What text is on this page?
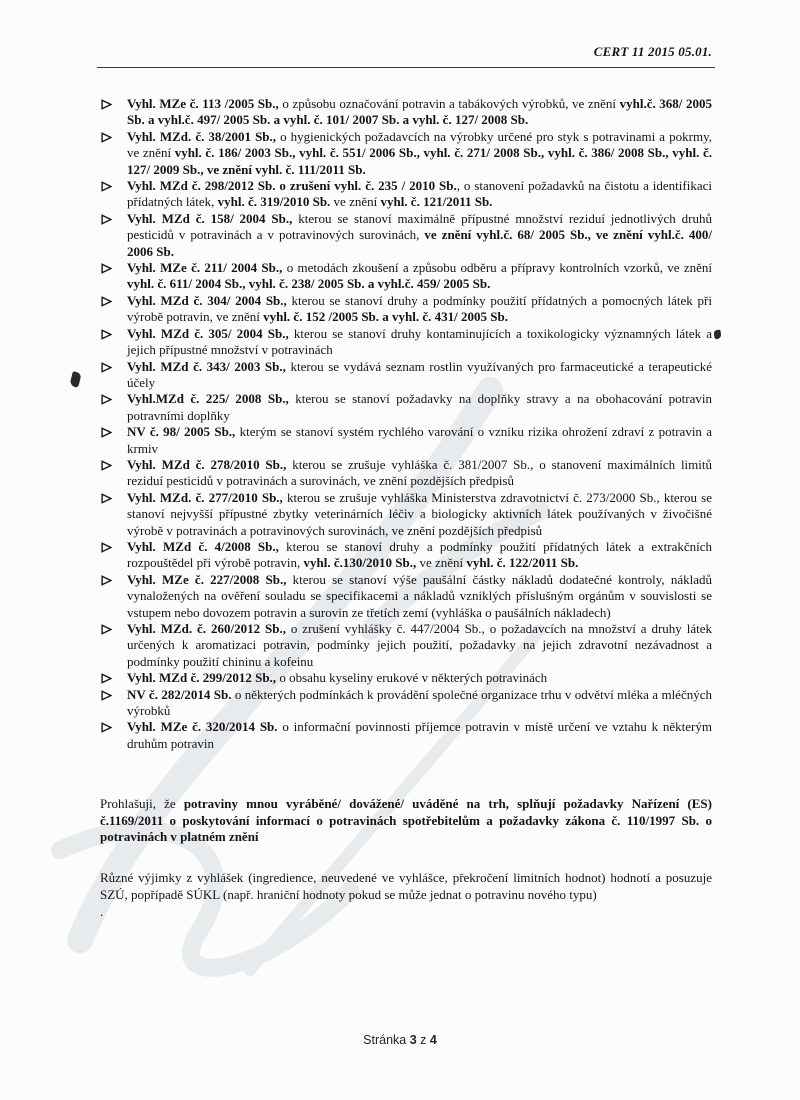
CERT 11 2015 05.01.
Vyhl. MZe č. 113 /2005 Sb., o způsobu označování potravin a tabákových výrobků, ve znění vyhl.č. 368/ 2005 Sb. a vyhl.č. 497/ 2005 Sb. a vyhl. č. 101/ 2007 Sb. a vyhl. č. 127/ 2008 Sb.
Vyhl. MZd. č. 38/2001 Sb., o hygienických požadavcích na výrobky určené pro styk s potravinami a pokrmy, ve znění vyhl. č. 186/ 2003 Sb., vyhl. č. 551/ 2006 Sb., vyhl. č. 271/ 2008 Sb., vyhl. č. 386/ 2008 Sb., vyhl. č. 127/ 2009 Sb., ve znění vyhl. č. 111/2011 Sb.
Vyhl. MZd č. 298/2012 Sb. o zrušení vyhl. č. 235 / 2010 Sb., o stanovení požadavků na čistotu a identifikaci přídatných látek, vyhl. č. 319/2010 Sb. ve znění vyhl. č. 121/2011 Sb.
Vyhl. MZd č. 158/ 2004 Sb., kterou se stanoví maximálně přípustné množství reziduí jednotlivých druhů pesticidů v potravinách a v potravinových surovinách, ve znění vyhl.č. 68/ 2005 Sb., ve znění vyhl.č. 400/ 2006 Sb.
Vyhl. MZe č. 211/ 2004 Sb., o metodách zkoušení a způsobu odběru a přípravy kontrolních vzorků, ve znění vyhl. č. 611/ 2004 Sb., vyhl. č. 238/ 2005 Sb. a vyhl.č. 459/ 2005 Sb.
Vyhl. MZd č. 304/ 2004 Sb., kterou se stanoví druhy a podmínky použití přídatných a pomocných látek při výrobě potravin, ve znění vyhl. č. 152 /2005 Sb. a vyhl. č. 431/ 2005 Sb.
Vyhl. MZd č. 305/ 2004 Sb., kterou se stanoví druhy kontaminujících a toxikologicky významných látek a jejich přípustné množství v potravinách
Vyhl. MZd č. 343/ 2003 Sb., kterou se vydává seznam rostlin využívaných pro farmaceutické a terapeutické účely
Vyhl.MZd č. 225/ 2008 Sb., kterou se stanoví požadavky na doplňky stravy a na obohacování potravin potravními doplňky
NV č. 98/ 2005 Sb., kterým se stanoví systém rychlého varování o vzniku rizika ohrožení zdraví z potravin a krmiv
Vyhl. MZd č. 278/2010 Sb., kterou se zrušuje vyhláška č. 381/2007 Sb., o stanovení maximálních limitů reziduí pesticidů v potravinách a surovinách, ve znění pozdějších předpisů
Vyhl. MZd. č. 277/2010 Sb., kterou se zrušuje vyhláška Ministerstva zdravotnictví č. 273/2000 Sb., kterou se stanoví nejvyšší přípustné zbytky veterinárních léčiv a biologicky aktivních látek používaných v živočišné výrobě v potravinách a potravinových surovinách, ve znění pozdějších předpisů
Vyhl. MZd č. 4/2008 Sb., kterou se stanoví druhy a podmínky použití přídatných látek a extrakčních rozpouštědel při výrobě potravin, vyhl. č.130/2010 Sb., ve znění vyhl. č. 122/2011 Sb.
Vyhl. MZe č. 227/2008 Sb., kterou se stanoví výše paušální částky nákladů dodatečné kontroly, nákladů vynaložených na ověření souladu se specifikacemi a nákladů vzniklých příslušným orgánům v souvislosti se vstupem nebo dovozem potravin a surovin ze třetích zemí (vyhláška o paušálních nákladech)
Vyhl. MZd. č. 260/2012 Sb., o zrušení vyhlášky č. 447/2004 Sb., o požadavcích na množství a druhy látek určených k aromatizaci potravin, podmínky jejich použití, požadavky na jejich zdravotní nezávadnost a podmínky použití chininu a kofeinu
Vyhl. MZd č. 299/2012 Sb., o obsahu kyseliny erukové v některých potravinách
NV č. 282/2014 Sb. o některých podmínkách k provádění společné organizace trhu v odvětví mléka a mléčných výrobků
Vyhl. MZe č. 320/2014 Sb. o informační povinnosti příjemce potravin v místě určení ve vztahu k některým druhům potravin

Prohlašuji, že potraviny mnou vyráběné/ dovážené/ uváděné na trh, splňují požadavky Nařízení (ES) č.1169/2011 o poskytování informací o potravinách spotřebitelům a požadavky zákona č. 110/1997 Sb. o potravinách v platném znění

Různé výjimky z vyhlášek (ingredience, neuvedené ve vyhlášce, překročení limitních hodnot) hodnotí a posuzuje SZÚ, popřípadě SÚKL (např. hraniční hodnoty pokud se může jednat o potravinu nového typu)

.

Stránka 3 z 4
